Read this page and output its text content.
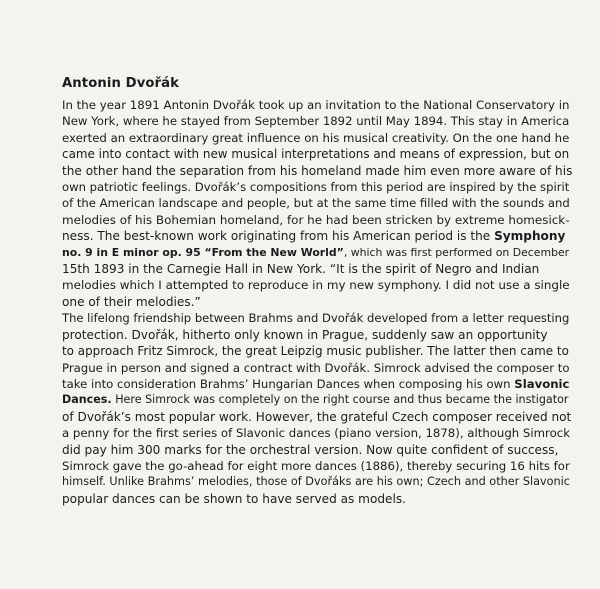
Antonin Dvořák

In the year 1891 Antonin Dvořák took up an invitation to the National Conservatory in
New York, where he stayed from September 1892 until May 1894. This stay in America
exerted an extraordinary great influence on his musical creativity. On the one hand he
came into contact with new musical interpretations and means of expression, but on
the other hand the separation from his homeland made him even more aware of his
own patriotic feelings. Dvořák’s compositions from this period are inspired by the spirit
of the American landscape and people, but at the same time filled with the sounds and
melodies of his Bohemian homeland, for he had been stricken by extreme homesick-
ness. The best-known work originating from his American period is the Symphony
no. 9 in E minor op. 95 “From the New World”, which was first performed on December
15th 1893 in the Carnegie Hall in New York. “It is the spirit of Negro and Indian
melodies which I attempted to reproduce in my new symphony. I did not use a single
one of their melodies.”

The lifelong friendship between Brahms and Dvořák developed from a letter requesting
protection. Dvořák, hitherto only known in Prague, suddenly saw an opportunity
to approach Fritz Simrock, the great Leipzig music publisher. The latter then came to
Prague in person and signed a contract with Dvořák. Simrock advised the composer to
take into consideration Brahms’ Hungarian Dances when composing his own Slavonic
Dances. Here Simrock was completely on the right course and thus became the instigator
of Dvořák’s most popular work. However, the grateful Czech composer received not
a penny for the first series of Slavonic dances (piano version, 1878), although Simrock
did pay him 300 marks for the orchestral version. Now quite confident of success,
Simrock gave the go-ahead for eight more dances (1886), thereby securing 16 hits for
himself. Unlike Brahms’ melodies, those of Dvořáks are his own; Czech and other Slavonic
popular dances can be shown to have served as models.
